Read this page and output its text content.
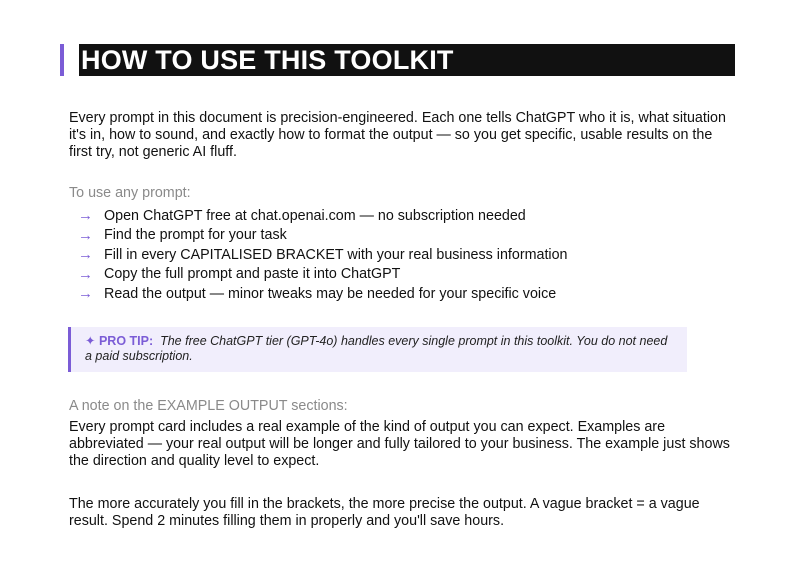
HOW TO USE THIS TOOLKIT

Every prompt in this document is precision-engineered. Each one tells ChatGPT who it is, what situation it's in, how to sound, and exactly how to format the output — so you get specific, usable results on the first try, not generic AI fluff.

To use any prompt:

→ Open ChatGPT free at chat.openai.com — no subscription needed
→ Find the prompt for your task
→ Fill in every CAPITALISED BRACKET with your real business information
→ Copy the full prompt and paste it into ChatGPT
→ Read the output — minor tweaks may be needed for your specific voice
✦ PRO TIP: The free ChatGPT tier (GPT-4o) handles every single prompt in this toolkit. You do not need a paid subscription.

A note on the EXAMPLE OUTPUT sections:

Every prompt card includes a real example of the kind of output you can expect. Examples are abbreviated — your real output will be longer and fully tailored to your business. The example just shows the direction and quality level to expect.

The more accurately you fill in the brackets, the more precise the output. A vague bracket = a vague result. Spend 2 minutes filling them in properly and you'll save hours.
